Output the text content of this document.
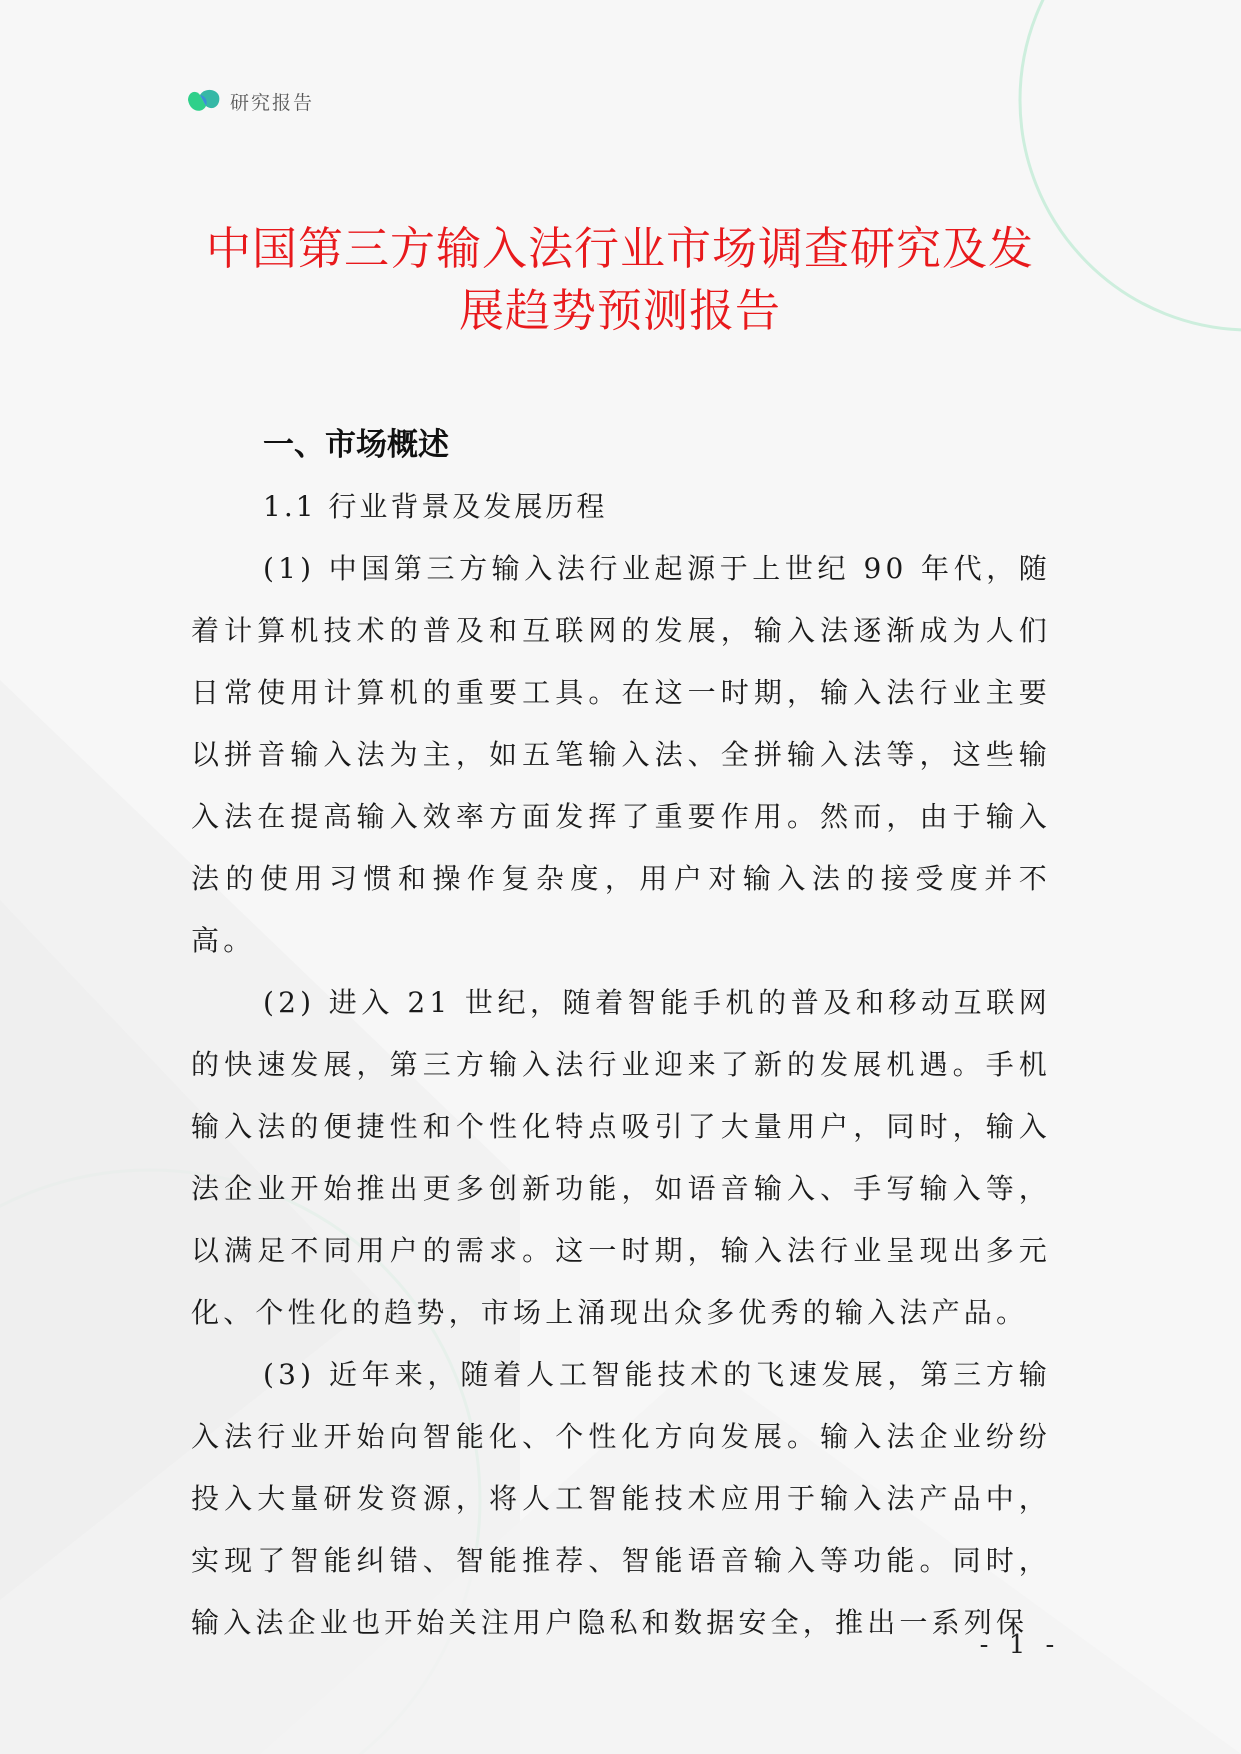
研究报告
中国第三方输入法行业市场调查研究及发展趋势预测报告
一、市场概述
1.1 行业背景及发展历程

(1) 中国第三方输入法行业起源于上世纪 90 年代，随着计算机技术的普及和互联网的发展，输入法逐渐成为人们日常使用计算机的重要工具。在这一时期，输入法行业主要以拼音输入法为主，如五笔输入法、全拼输入法等，这些输入法在提高输入效率方面发挥了重要作用。然而，由于输入法的使用习惯和操作复杂度，用户对输入法的接受度并不高。

(2) 进入 21 世纪，随着智能手机的普及和移动互联网的快速发展，第三方输入法行业迎来了新的发展机遇。手机输入法的便捷性和个性化特点吸引了大量用户，同时，输入法企业开始推出更多创新功能，如语音输入、手写输入等，以满足不同用户的需求。这一时期，输入法行业呈现出多元化、个性化的趋势，市场上涌现出众多优秀的输入法产品。

(3) 近年来，随着人工智能技术的飞速发展，第三方输入法行业开始向智能化、个性化方向发展。输入法企业纷纷投入大量研发资源，将人工智能技术应用于输入法产品中，实现了智能纠错、智能推荐、智能语音输入等功能。同时，输入法企业也开始关注用户隐私和数据安全，推出一系列保

- 1 -
